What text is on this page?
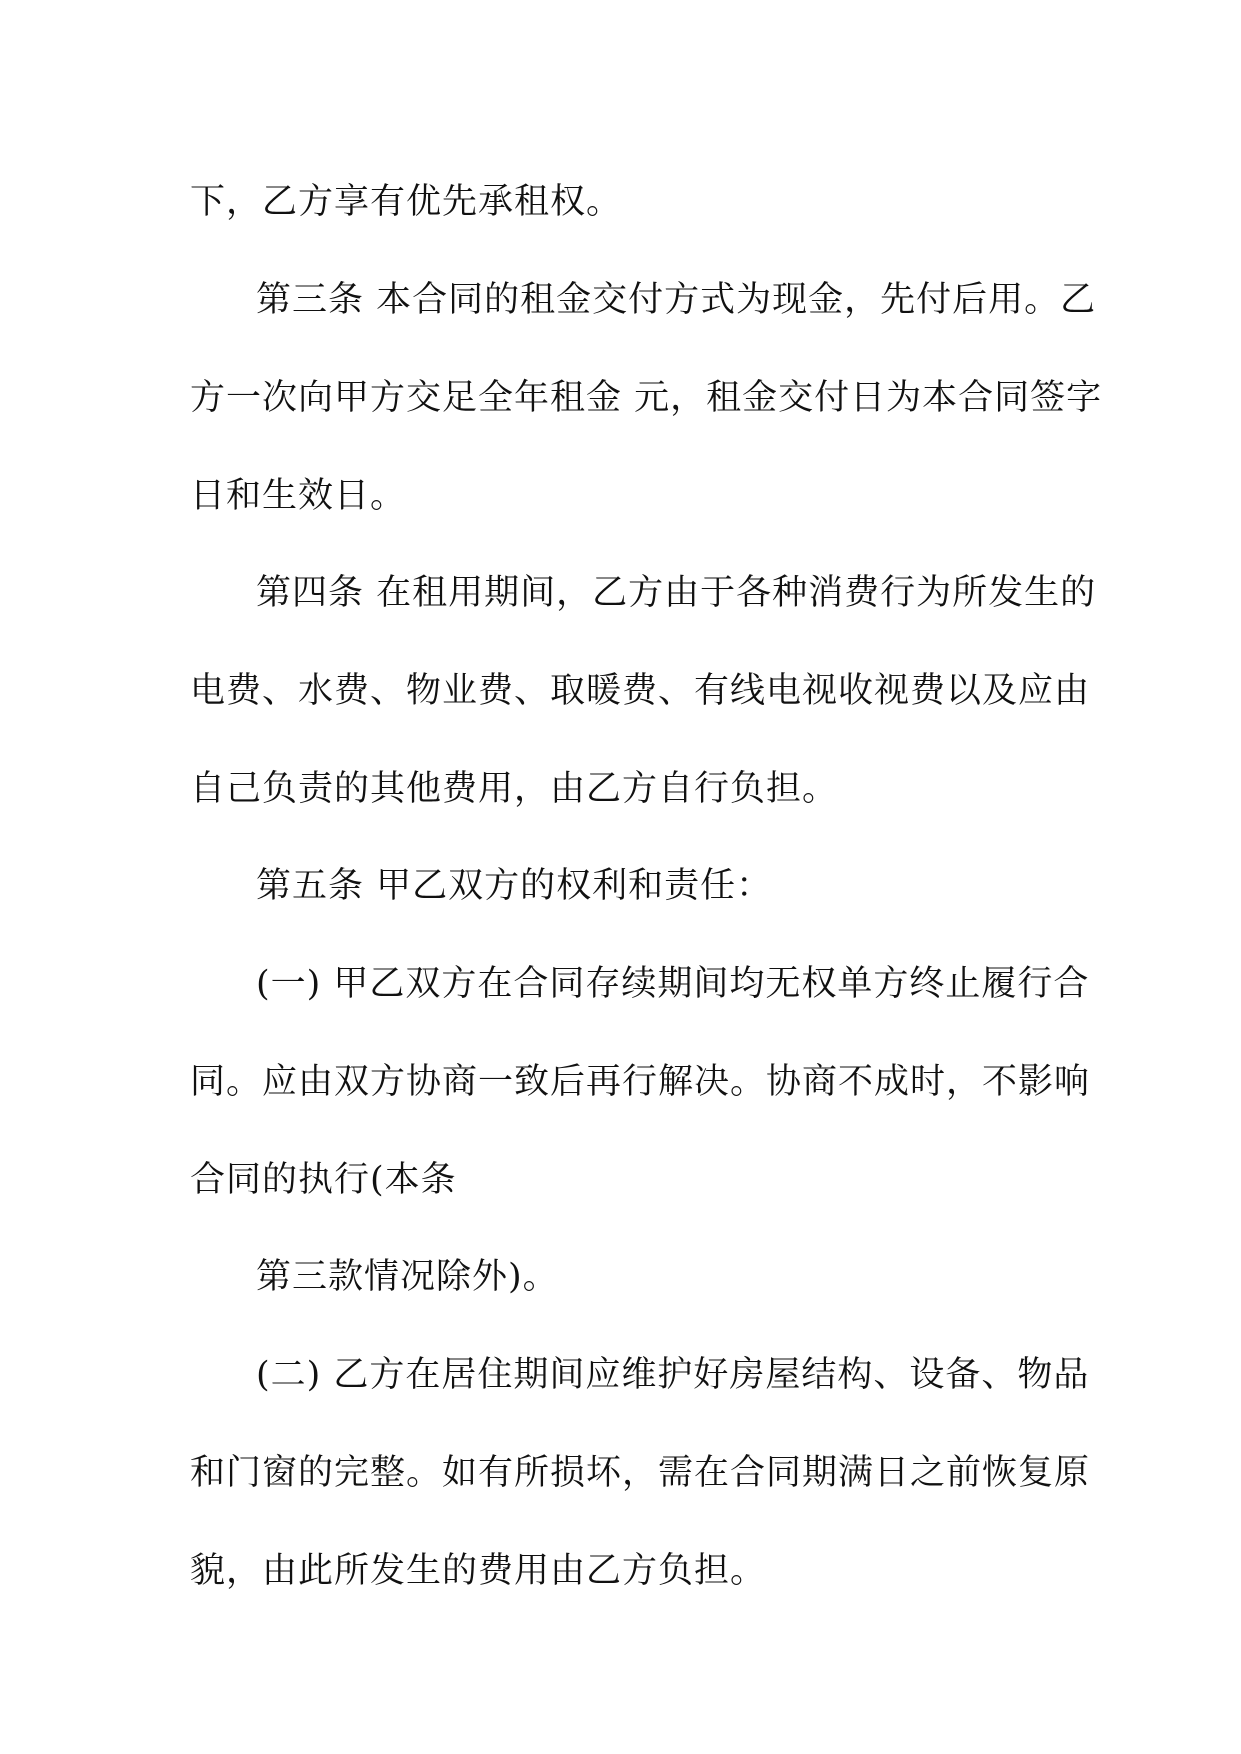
下，乙方享有优先承租权。
第三条 本合同的租金交付方式为现金，先付后用。乙
方一次向甲方交足全年租金 元，租金交付日为本合同签字
日和生效日。
第四条 在租用期间，乙方由于各种消费行为所发生的
电费、水费、物业费、取暖费、有线电视收视费以及应由
自己负责的其他费用，由乙方自行负担。
第五条 甲乙双方的权利和责任：
(一) 甲乙双方在合同存续期间均无权单方终止履行合
同。应由双方协商一致后再行解决。协商不成时，不影响
合同的执行(本条
第三款情况除外)。
(二) 乙方在居住期间应维护好房屋结构、设备、物品
和门窗的完整。如有所损坏，需在合同期满日之前恢复原
貌，由此所发生的费用由乙方负担。
